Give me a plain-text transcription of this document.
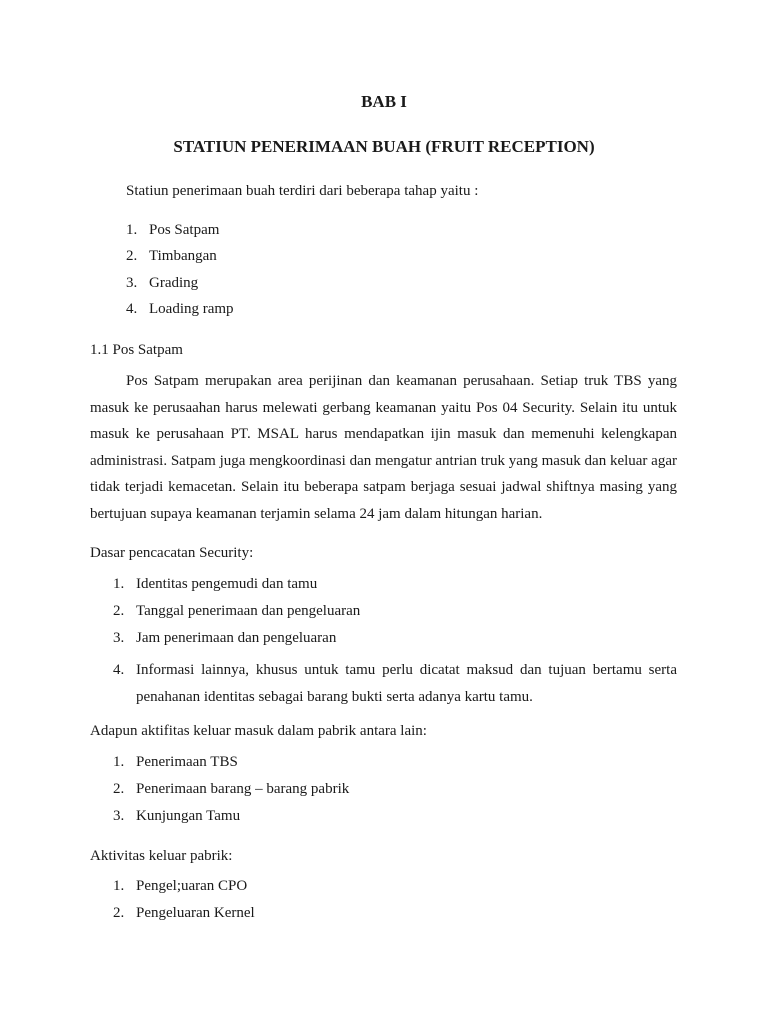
BAB I
STATIUN PENERIMAAN BUAH (FRUIT RECEPTION)

Statiun penerimaan buah terdiri dari beberapa tahap yaitu :

1. Pos Satpam
2. Timbangan
3. Grading
4. Loading ramp

1.1 Pos Satpam

Pos Satpam merupakan area perijinan dan keamanan perusahaan. Setiap truk TBS yang masuk ke perusaahan harus melewati gerbang keamanan yaitu Pos 04 Security. Selain itu untuk masuk ke perusahaan PT. MSAL harus mendapatkan ijin masuk dan memenuhi kelengkapan administrasi. Satpam juga mengkoordinasi dan mengatur antrian truk yang masuk dan keluar agar tidak terjadi kemacetan. Selain itu beberapa satpam berjaga sesuai jadwal shiftnya masing yang bertujuan supaya keamanan terjamin selama 24 jam dalam hitungan harian.

Dasar pencacatan Security:

1. Identitas pengemudi dan tamu
2. Tanggal penerimaan dan pengeluaran
3. Jam penerimaan dan pengeluaran
4. Informasi lainnya, khusus untuk tamu perlu dicatat maksud dan tujuan bertamu serta penahanan identitas sebagai barang bukti serta adanya kartu tamu.

Adapun aktifitas keluar masuk dalam pabrik antara lain:

1. Penerimaan TBS
2. Penerimaan barang – barang pabrik
3. Kunjungan Tamu

Aktivitas keluar pabrik:

1. Pengel;uaran CPO
2. Pengeluaran Kernel
